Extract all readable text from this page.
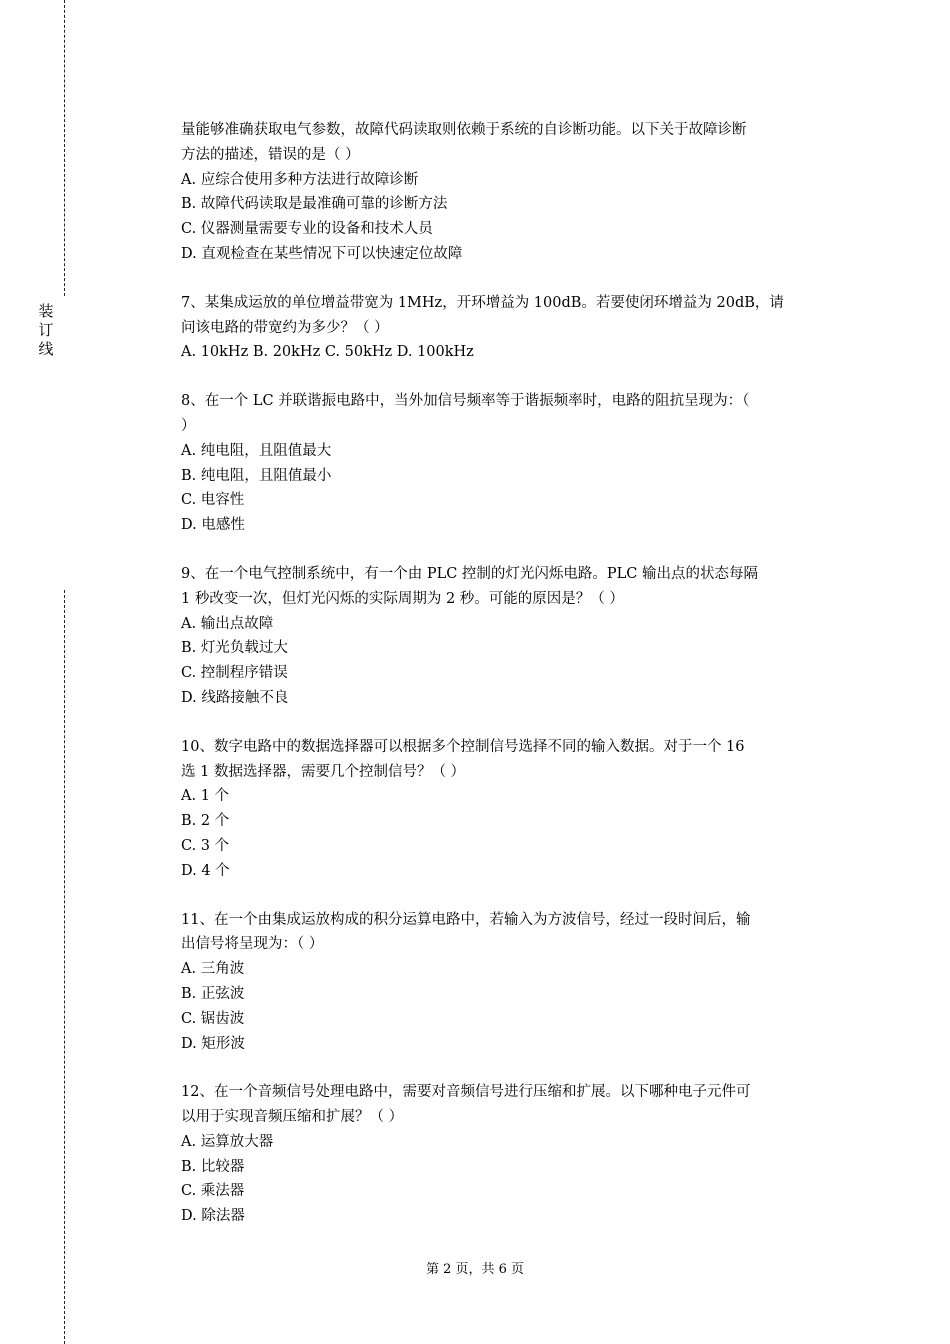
装订线
量能够准确获取电气参数，故障代码读取则依赖于系统的自诊断功能。以下关于故障诊断
方法的描述，错误的是（ ）
A. 应综合使用多种方法进行故障诊断
B. 故障代码读取是最准确可靠的诊断方法
C. 仪器测量需要专业的设备和技术人员
D. 直观检查在某些情况下可以快速定位故障
7、某集成运放的单位增益带宽为 1MHz，开环增益为 100dB。若要使闭环增益为 20dB，请
问该电路的带宽约为多少？（ ）
A. 10kHz B. 20kHz C. 50kHz D. 100kHz
8、在一个 LC 并联谐振电路中，当外加信号频率等于谐振频率时，电路的阻抗呈现为：（
）
A. 纯电阻，且阻值最大
B. 纯电阻，且阻值最小
C. 电容性
D. 电感性
9、在一个电气控制系统中，有一个由 PLC 控制的灯光闪烁电路。PLC 输出点的状态每隔
1 秒改变一次，但灯光闪烁的实际周期为 2 秒。可能的原因是？（ ）
A. 输出点故障
B. 灯光负载过大
C. 控制程序错误
D. 线路接触不良
10、数字电路中的数据选择器可以根据多个控制信号选择不同的输入数据。对于一个 16
选 1 数据选择器，需要几个控制信号？（ ）
A. 1 个
B. 2 个
C. 3 个
D. 4 个
11、在一个由集成运放构成的积分运算电路中，若输入为方波信号，经过一段时间后，输
出信号将呈现为：（ ）
A. 三角波
B. 正弦波
C. 锯齿波
D. 矩形波
12、在一个音频信号处理电路中，需要对音频信号进行压缩和扩展。以下哪种电子元件可
以用于实现音频压缩和扩展？（ ）
A. 运算放大器
B. 比较器
C. 乘法器
D. 除法器
第 2 页，共 6 页
